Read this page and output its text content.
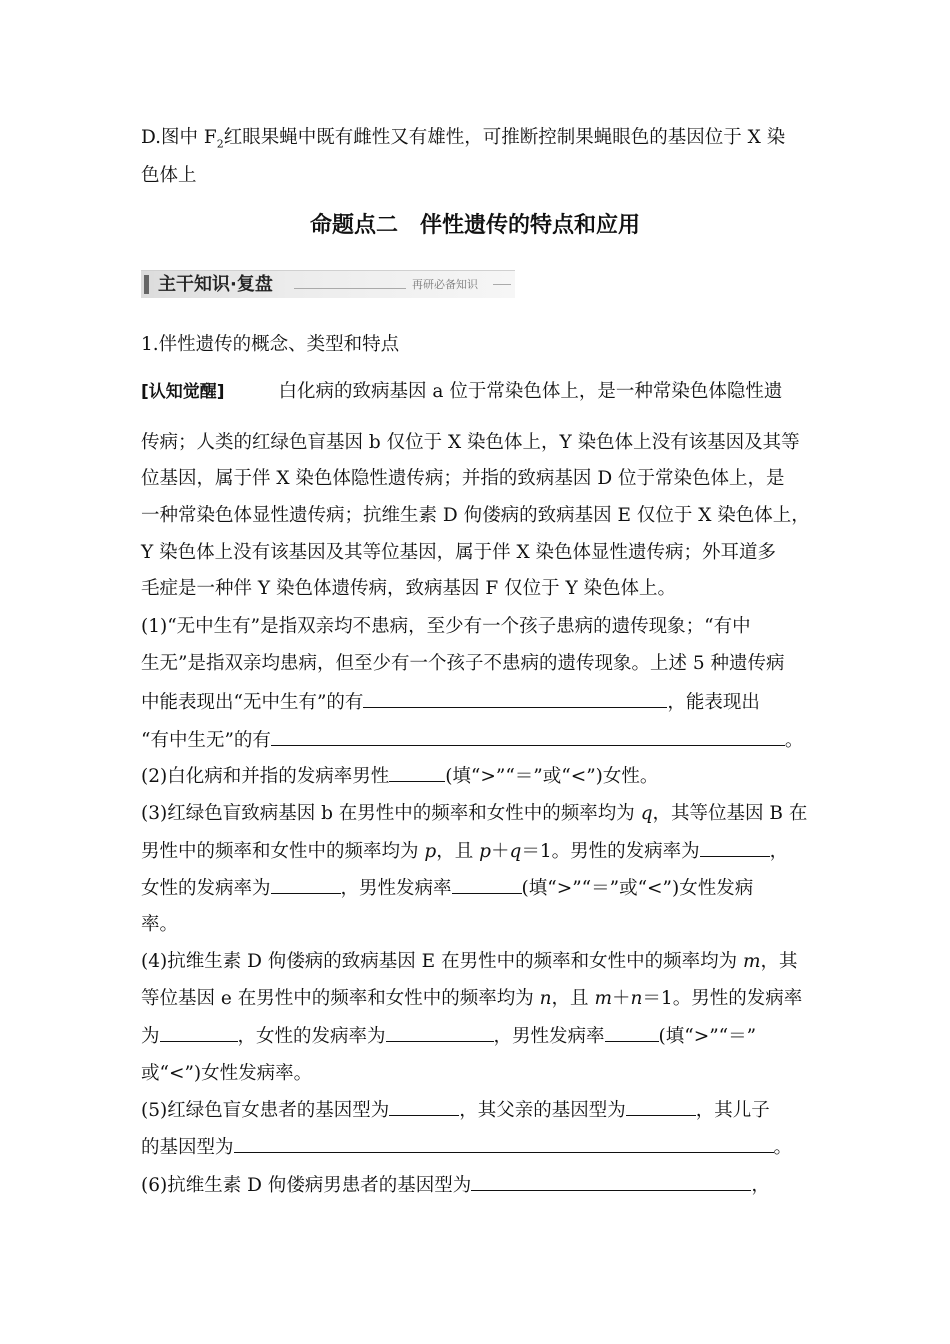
D.图中 $F_2$红眼果蝇中既有雌性又有雄性，可推断控制果蝇眼色的基因位于 X 染
色体上
命题点二　伴性遗传的特点和应用
主干知识·复盘	再研必备知识
1.伴性遗传的概念、类型和特点
[认知觉醒]	白化病的致病基因 a 位于常染色体上，是一种常染色体隐性遗
传病；人类的红绿色盲基因 b 仅位于 X 染色体上，Y 染色体上没有该基因及其等
位基因，属于伴 X 染色体隐性遗传病；并指的致病基因 D 位于常染色体上，是
一种常染色体显性遗传病；抗维生素 D 佝偻病的致病基因 E 仅位于 X 染色体上，
Y 染色体上没有该基因及其等位基因，属于伴 X 染色体显性遗传病；外耳道多
毛症是一种伴 Y 染色体遗传病，致病基因 F 仅位于 Y 染色体上。
(1)“无中生有”是指双亲均不患病，至少有一个孩子患病的遗传现象；“有中
生无”是指双亲均患病，但至少有一个孩子不患病的遗传现象。上述 5 种遗传病
中能表现出“无中生有”的有	，能表现出
“有中生无”的有	。
(2)白化病和并指的发病率男性	(填“>”“＝”或“<”)女性。
(3)红绿色盲致病基因 b 在男性中的频率和女性中的频率均为 q，其等位基因 B 在
男性中的频率和女性中的频率均为 p，且 p＋q＝1。男性的发病率为	，
女性的发病率为	，男性发病率	(填“>”“＝”或“<”)女性发病
率。
(4)抗维生素 D 佝偻病的致病基因 E 在男性中的频率和女性中的频率均为 m，其
等位基因 e 在男性中的频率和女性中的频率均为 n，且 m＋n＝1。男性的发病率
为	，女性的发病率为	，男性发病率	(填“>”“＝”
或“<”)女性发病率。
(5)红绿色盲女患者的基因型为	，其父亲的基因型为	，其儿子
的基因型为	。
(6)抗维生素 D 佝偻病男患者的基因型为	，
